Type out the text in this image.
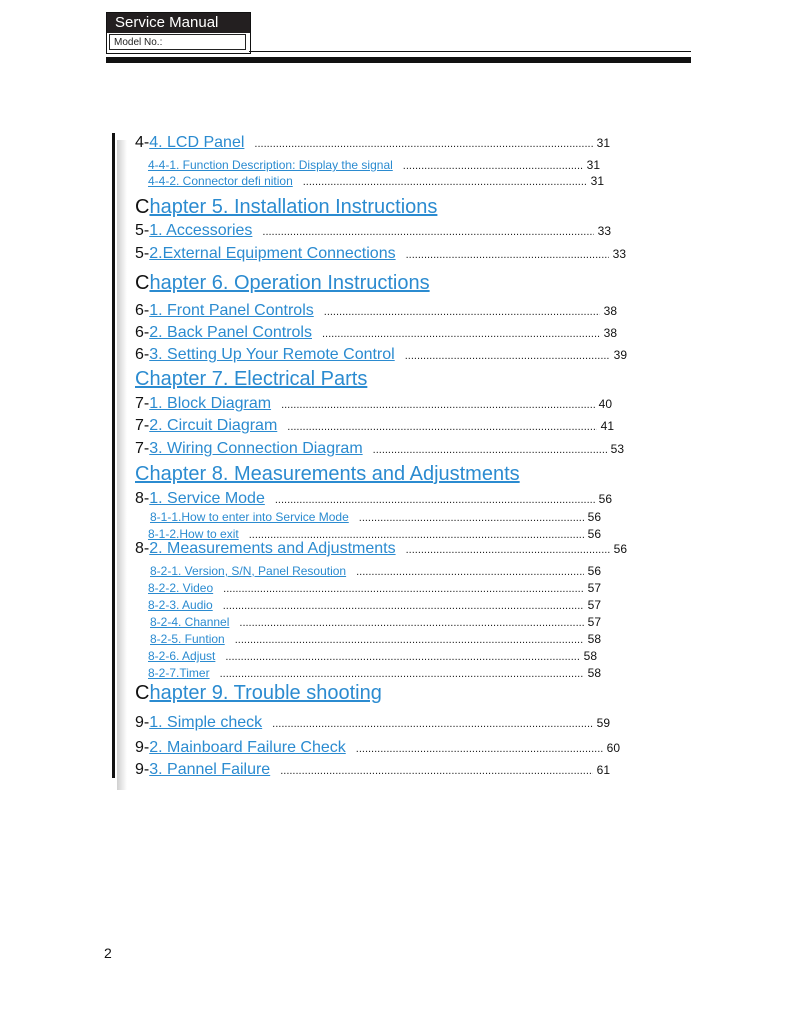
Service Manual
Model No.:
4- 4. LCD Panel .....	31
4-4-1. Function Description: Display the signal .....	31
4-4-2. Connector defi nition .....	31
C hapter 5. Installation Instructions
5- 1. Accessories .....	33
5- 2.External Equipment Connections .....	33
C hapter 6. Operation Instructions
6- 1. Front Panel Controls .....	38
6- 2. Back Panel Controls .....	38
6- 3. Setting Up Your Remote Control .....	39
Chapter 7. Electrical Parts
7- 1. Block Diagram .....	40
7- 2. Circuit Diagram .....	41
7- 3. Wiring Connection Diagram .....	53
Chapter 8. Measurements and Adjustments
8- 1. Service Mode .....	56
8-1-1.How to enter into Service Mode .....	56
8-1-2.How to exit .....	56
8- 2. Measurements and Adjustments .....	56
8-2-1. Version, S/N, Panel Resoution .....	56
8-2-2. Video .....	57
8-2-3. Audio .....	57
8-2-4. Channel .....	57
8-2-5. Funtion .....	58
8-2-6. Adjust .....	58
8-2-7.Timer .....	58
C hapter 9. Trouble shooting
9- 1. Simple check .....	59
9- 2. Mainboard Failure Check .....	60
9- 3. Pannel Failure .....	61
2
